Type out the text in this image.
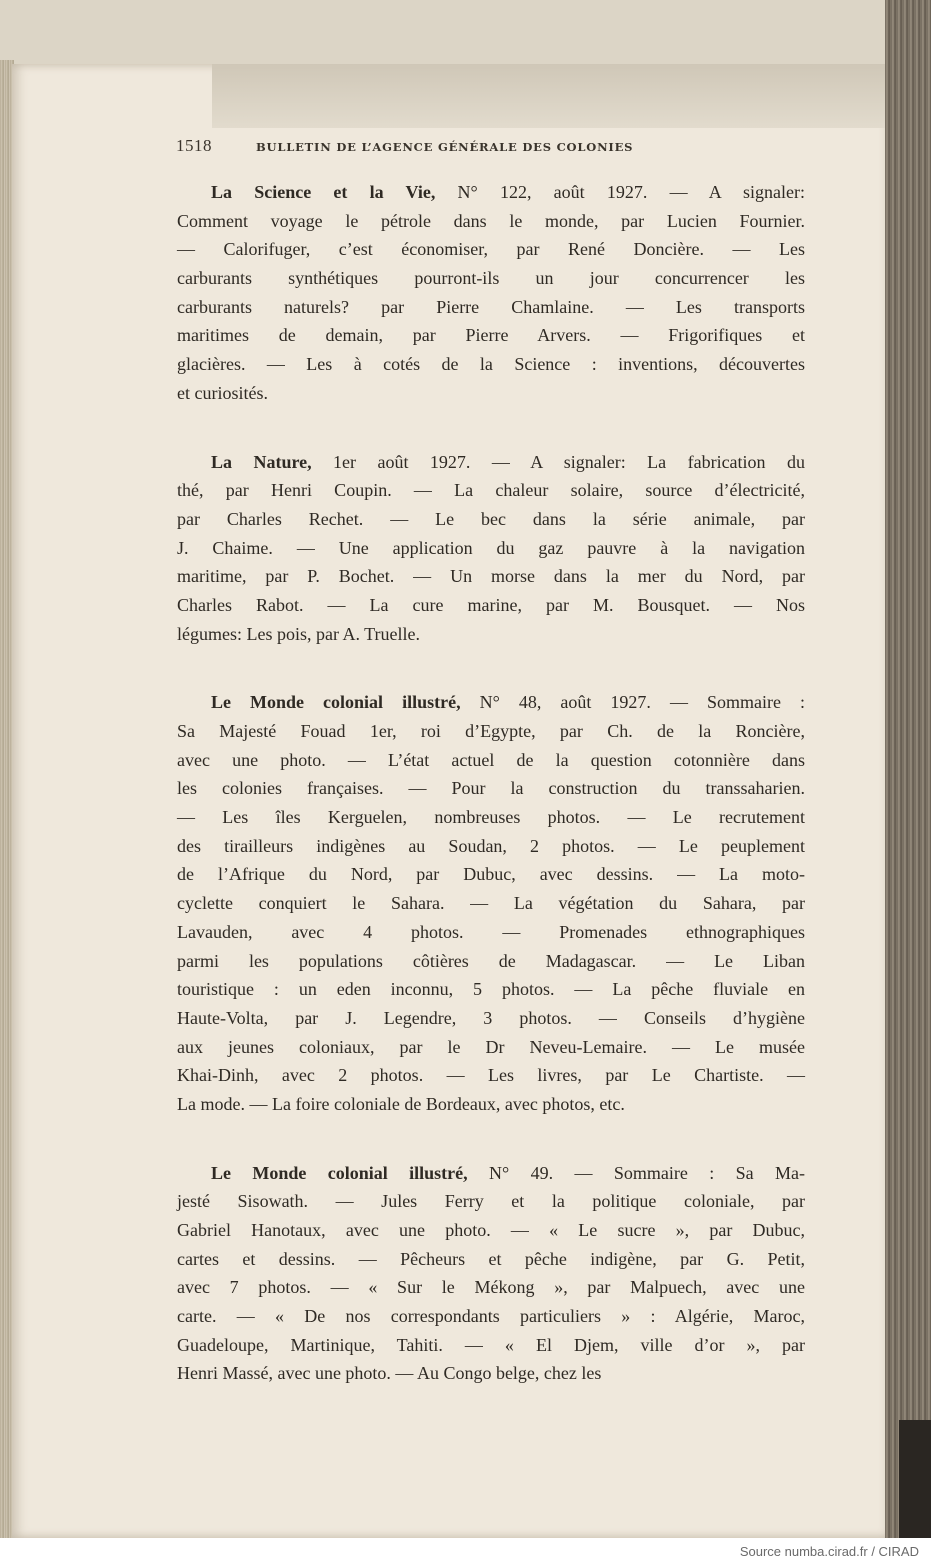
1518	BULLETIN DE L’AGENCE GÉNÉRALE DES COLONIES
La Science et la Vie, N° 122, août 1927. — A signaler:
Comment voyage le pétrole dans le monde, par Lucien Fournier.
— Calorifuger, c’est économiser, par René Doncière. — Les
carburants synthétiques pourront-ils un jour concurrencer les
carburants naturels? par Pierre Chamlaine. — Les transports
maritimes de demain, par Pierre Arvers. — Frigorifiques et
glacières. — Les à cotés de la Science : inventions, découvertes
et curiosités.
La Nature, 1er août 1927. — A signaler: La fabrication du
thé, par Henri Coupin. — La chaleur solaire, source d’électricité,
par Charles Rechet. — Le bec dans la série animale, par
J. Chaime. — Une application du gaz pauvre à la navigation
maritime, par P. Bochet. — Un morse dans la mer du Nord, par
Charles Rabot. — La cure marine, par M. Bousquet. — Nos
légumes: Les pois, par A. Truelle.
Le Monde colonial illustré, N° 48, août 1927. — Sommaire :
Sa Majesté Fouad 1er, roi d’Egypte, par Ch. de la Roncière,
avec une photo. — L’état actuel de la question cotonnière dans
les colonies françaises. — Pour la construction du transsaharien.
— Les îles Kerguelen, nombreuses photos. — Le recrutement
des tirailleurs indigènes au Soudan, 2 photos. — Le peuplement
de l’Afrique du Nord, par Dubuc, avec dessins. — La moto-
cyclette conquiert le Sahara. — La végétation du Sahara, par
Lavauden, avec 4 photos. — Promenades ethnographiques
parmi les populations côtières de Madagascar. — Le Liban
touristique : un eden inconnu, 5 photos. — La pêche fluviale en
Haute-Volta, par J. Legendre, 3 photos. — Conseils d’hygiène
aux jeunes coloniaux, par le Dr Neveu-Lemaire. — Le musée
Khai-Dinh, avec 2 photos. — Les livres, par Le Chartiste. —
La mode. — La foire coloniale de Bordeaux, avec photos, etc.
Le Monde colonial illustré, N° 49. — Sommaire : Sa Ma-
jesté Sisowath. — Jules Ferry et la politique coloniale, par
Gabriel Hanotaux, avec une photo. — « Le sucre », par Dubuc,
cartes et dessins. — Pêcheurs et pêche indigène, par G. Petit,
avec 7 photos. — « Sur le Mékong », par Malpuech, avec une
carte. — « De nos correspondants particuliers » : Algérie, Maroc,
Guadeloupe, Martinique, Tahiti. — « El Djem, ville d’or », par
Henri Massé, avec une photo. — Au Congo belge, chez les
Source numba.cirad.fr / CIRAD
